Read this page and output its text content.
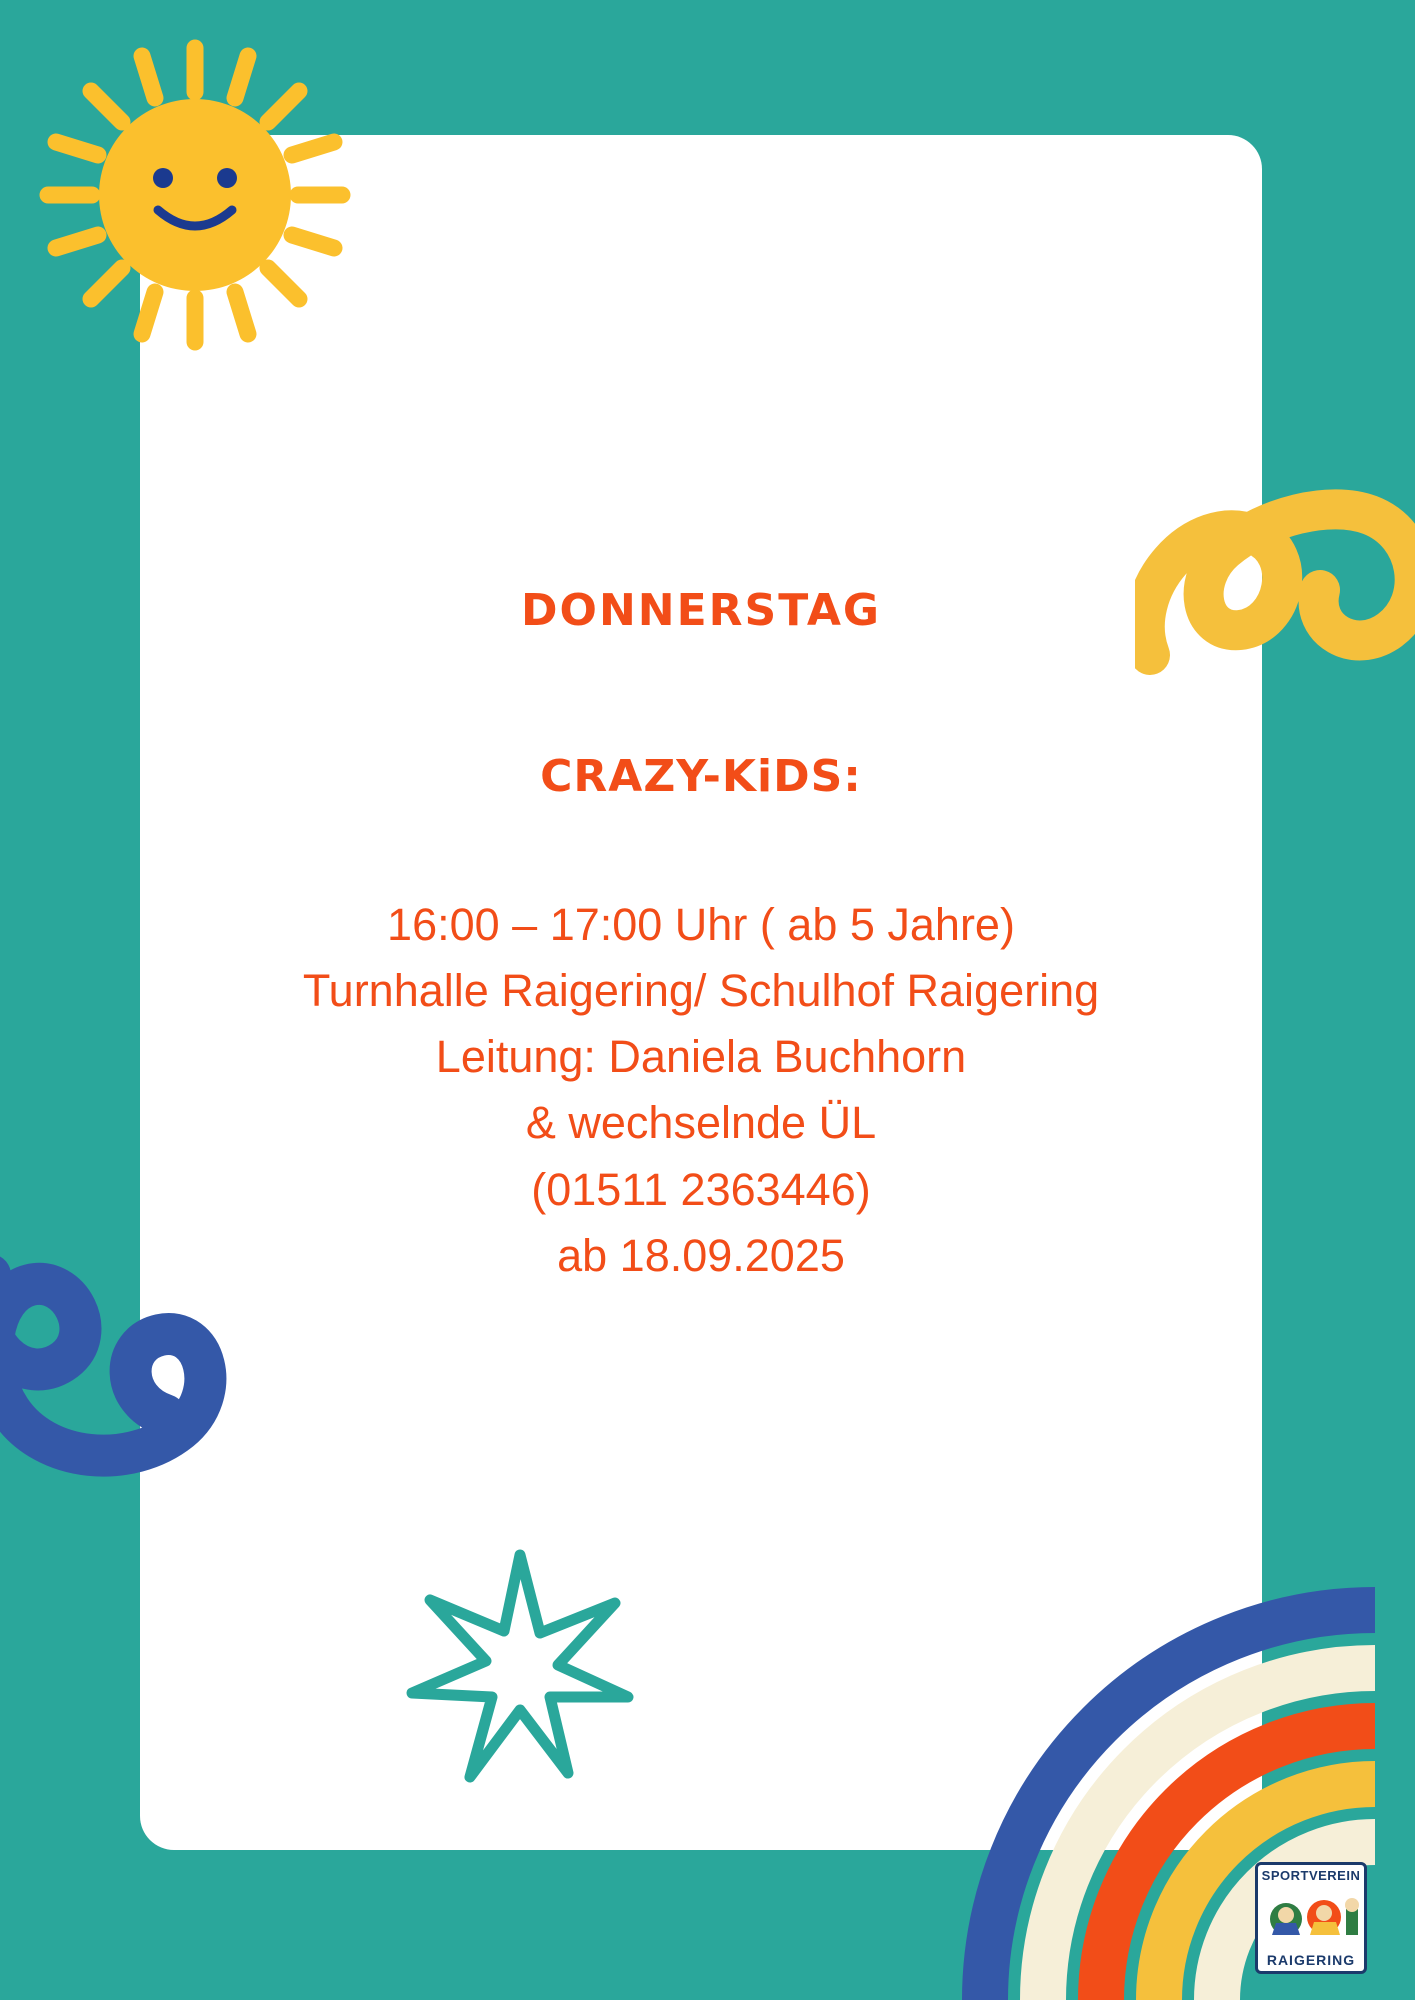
SPORTVEREIN
RAIGERING
DONNERSTAG
CRAZY-KiDS:
16:00 – 17:00 Uhr ( ab 5 Jahre)
Turnhalle Raigering/ Schulhof Raigering
Leitung: Daniela Buchhorn
& wechselnde ÜL
(01511 2363446)
ab 18.09.2025
